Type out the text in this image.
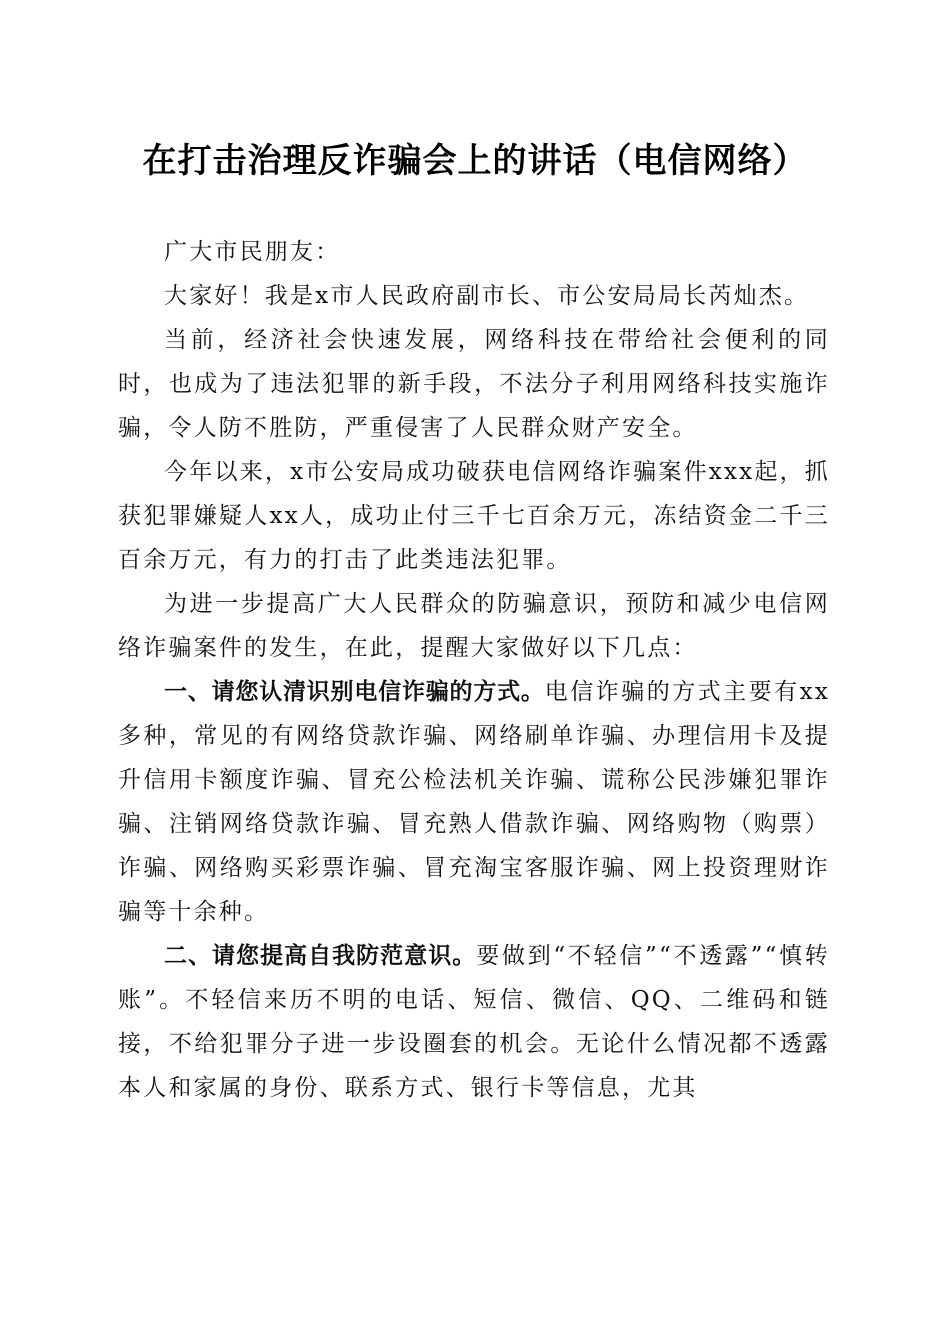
在打击治理反诈骗会上的讲话（电信网络）

广大市民朋友：

大家好！我是x市人民政府副市长、市公安局局长芮灿杰。

当前，经济社会快速发展，网络科技在带给社会便利的同时，也成为了违法犯罪的新手段，不法分子利用网络科技实施诈骗，令人防不胜防，严重侵害了人民群众财产安全。

今年以来，x市公安局成功破获电信网络诈骗案件xxx起，抓获犯罪嫌疑人xx人，成功止付三千七百余万元，冻结资金二千三百余万元，有力的打击了此类违法犯罪。

为进一步提高广大人民群众的防骗意识，预防和减少电信网络诈骗案件的发生，在此，提醒大家做好以下几点：

一、请您认清识别电信诈骗的方式。电信诈骗的方式主要有xx多种，常见的有网络贷款诈骗、网络刷单诈骗、办理信用卡及提升信用卡额度诈骗、冒充公检法机关诈骗、谎称公民涉嫌犯罪诈骗、注销网络贷款诈骗、冒充熟人借款诈骗、网络购物（购票）诈骗、网络购买彩票诈骗、冒充淘宝客服诈骗、网上投资理财诈骗等十余种。

二、请您提高自我防范意识。要做到“不轻信”“不透露”“慎转账”。不轻信来历不明的电话、短信、微信、QQ、二维码和链接，不给犯罪分子进一步设圈套的机会。无论什么情况都不透露本人和家属的身份、联系方式、银行卡等信息，尤其
